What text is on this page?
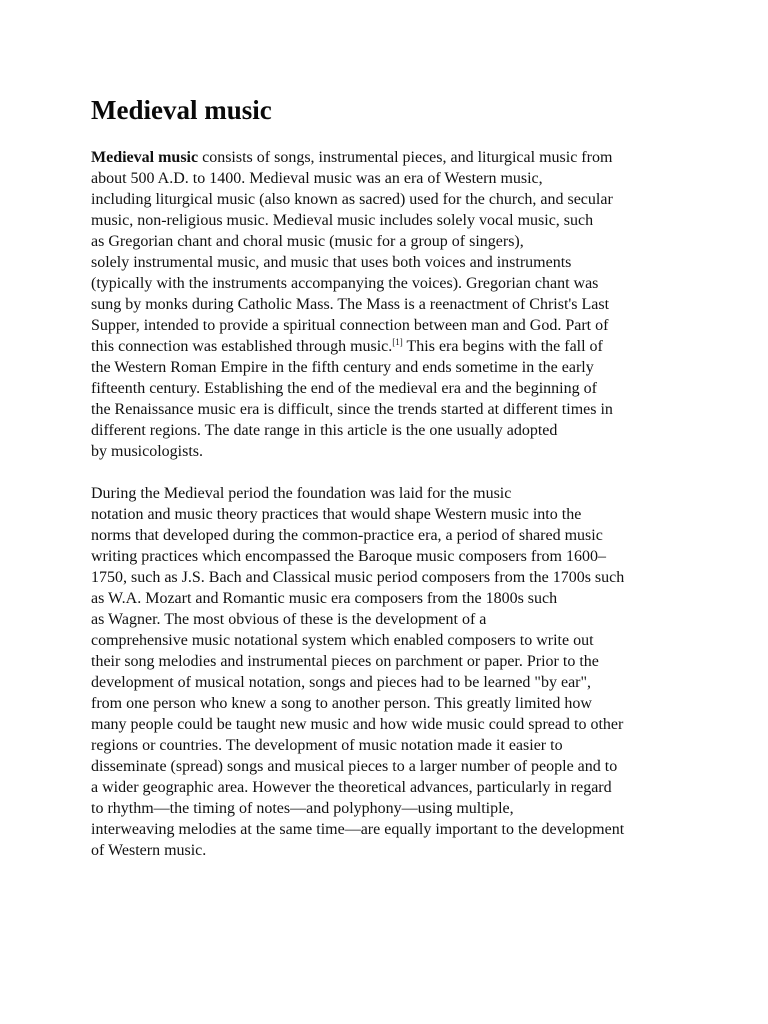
Medieval music

Medieval music consists of songs, instrumental pieces, and liturgical music from
about 500 A.D. to 1400. Medieval music was an era of Western music,
including liturgical music (also known as sacred) used for the church, and secular
music, non-religious music. Medieval music includes solely vocal music, such
as Gregorian chant and choral music (music for a group of singers),
solely instrumental music, and music that uses both voices and instruments
(typically with the instruments accompanying the voices). Gregorian chant was
sung by monks during Catholic Mass. The Mass is a reenactment of Christ's Last
Supper, intended to provide a spiritual connection between man and God. Part of
this connection was established through music.[1] This era begins with the fall of
the Western Roman Empire in the fifth century and ends sometime in the early
fifteenth century. Establishing the end of the medieval era and the beginning of
the Renaissance music era is difficult, since the trends started at different times in
different regions. The date range in this article is the one usually adopted
by musicologists.

During the Medieval period the foundation was laid for the music
notation and music theory practices that would shape Western music into the
norms that developed during the common-practice era, a period of shared music
writing practices which encompassed the Baroque music composers from 1600–
1750, such as J.S. Bach and Classical music period composers from the 1700s such
as W.A. Mozart and Romantic music era composers from the 1800s such
as Wagner. The most obvious of these is the development of a
comprehensive music notational system which enabled composers to write out
their song melodies and instrumental pieces on parchment or paper. Prior to the
development of musical notation, songs and pieces had to be learned "by ear",
from one person who knew a song to another person. This greatly limited how
many people could be taught new music and how wide music could spread to other
regions or countries. The development of music notation made it easier to
disseminate (spread) songs and musical pieces to a larger number of people and to
a wider geographic area. However the theoretical advances, particularly in regard
to rhythm—the timing of notes—and polyphony—using multiple,
interweaving melodies at the same time—are equally important to the development
of Western music.
